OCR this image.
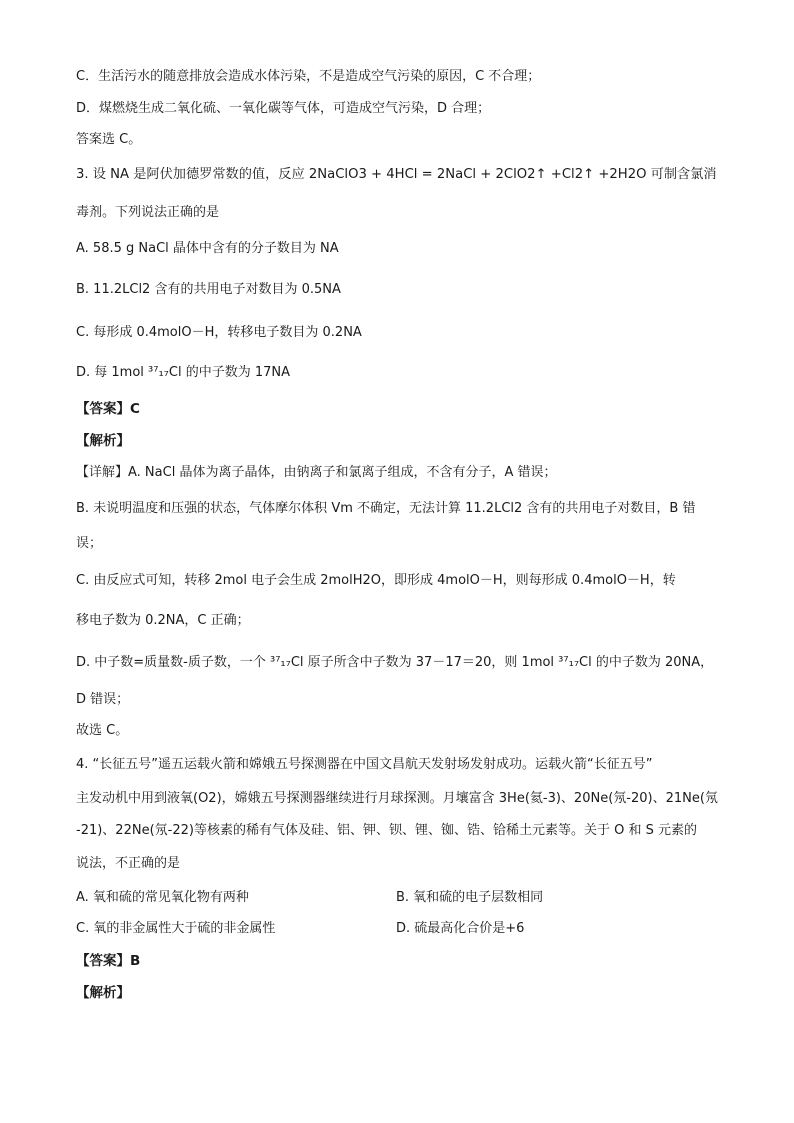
C．生活污水的随意排放会造成水体污染，不是造成空气污染的原因，C 不合理；
D．煤燃烧生成二氧化硫、一氧化碳等气体，可造成空气污染，D 合理；
答案选 C。
3. 设 NA 是阿伏加德罗常数的值，反应 2NaClO3 + 4HCl = 2NaCl + 2ClO2↑ +Cl2↑ +2H2O 可制含氯消
毒剂。下列说法正确的是
A. 58.5 g NaCl 晶体中含有的分子数目为 NA
B. 11.2LCl2 含有的共用电子对数目为 0.5NA
C. 每形成 0.4molO－H，转移电子数目为 0.2NA
D. 每 1mol ³⁷₁₇Cl 的中子数为 17NA
【答案】C
【解析】
【详解】A. NaCl 晶体为离子晶体，由钠离子和氯离子组成，不含有分子，A 错误；
B. 未说明温度和压强的状态，气体摩尔体积 Vm 不确定，无法计算 11.2LCl2 含有的共用电子对数目，B 错
误；
C. 由反应式可知，转移 2mol 电子会生成 2molH2O，即形成 4molO－H，则每形成 0.4molO－H，转
移电子数为 0.2NA，C 正确；
D. 中子数=质量数-质子数，一个 ³⁷₁₇Cl 原子所含中子数为 37－17＝20，则 1mol ³⁷₁₇Cl 的中子数为 20NA，
D 错误；
故选 C。
4. “长征五号”遥五运载火箭和嫦娥五号探测器在中国文昌航天发射场发射成功。运载火箭“长征五号”
主发动机中用到液氧(O2)，嫦娥五号探测器继续进行月球探测。月壤富含 3He(氦-3)、20Ne(氖-20)、21Ne(氖
-21)、22Ne(氖-22)等核素的稀有气体及硅、铝、钾、钡、锂、铷、锆、铪稀土元素等。关于 O 和 S 元素的
说法，不正确的是
A. 氧和硫的常见氧化物有两种	B. 氧和硫的电子层数相同
C. 氧的非金属性大于硫的非金属性	D. 硫最高化合价是+6
【答案】B
【解析】
